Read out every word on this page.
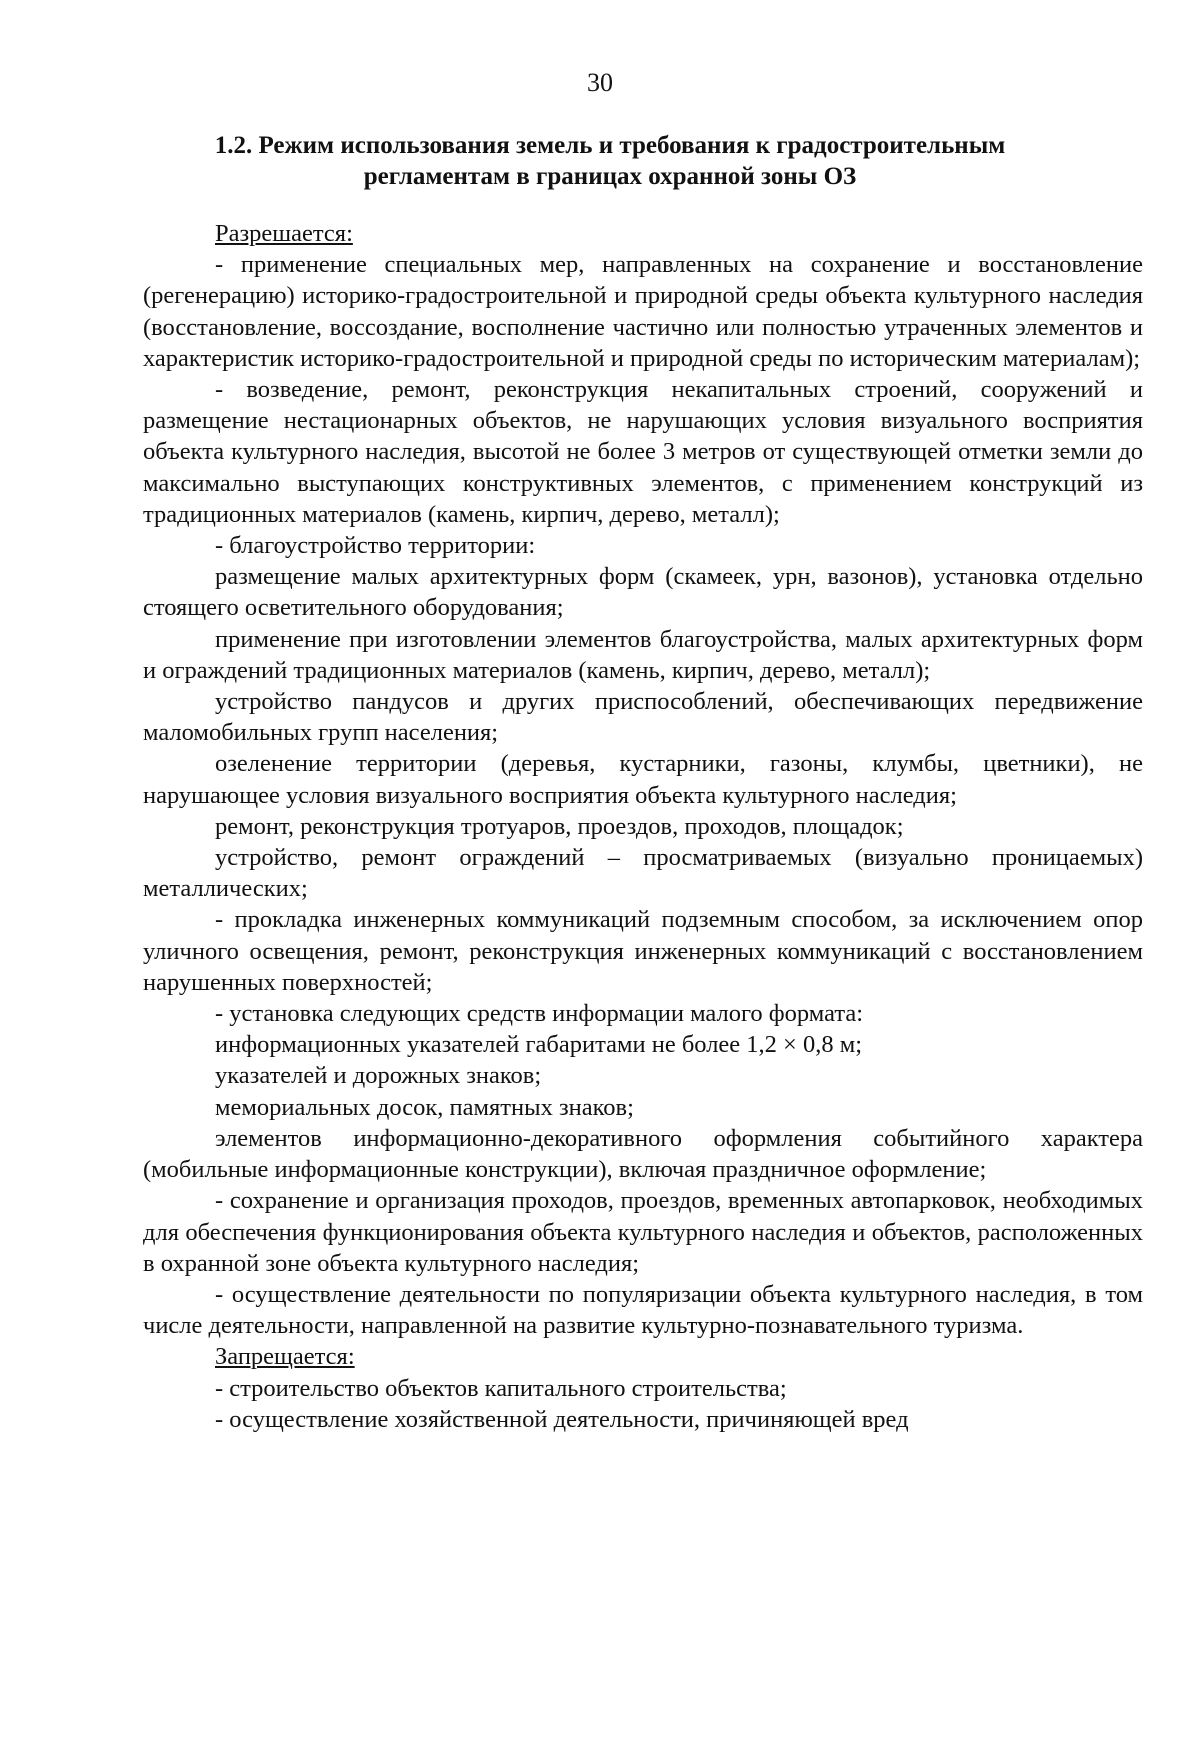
30
1.2. Режим использования земель и требования к градостроительным
регламентам в границах охранной зоны ОЗ

Разрешается:

- применение специальных мер, направленных на сохранение и восстановление (регенерацию) историко-градостроительной и природной среды объекта культурного наследия (восстановление, воссоздание, восполнение частично или полностью утраченных элементов и характеристик историко-градостроительной и природной среды по историческим материалам);

- возведение, ремонт, реконструкция некапитальных строений, сооружений и размещение нестационарных объектов, не нарушающих условия визуального восприятия объекта культурного наследия, высотой не более 3 метров от существующей отметки земли до максимально выступающих конструктивных элементов, с применением конструкций из традиционных материалов (камень, кирпич, дерево, металл);

- благоустройство территории:

размещение малых архитектурных форм (скамеек, урн, вазонов), установка отдельно стоящего осветительного оборудования;

применение при изготовлении элементов благоустройства, малых архитектурных форм и ограждений традиционных материалов (камень, кирпич, дерево, металл);

устройство пандусов и других приспособлений, обеспечивающих передвижение маломобильных групп населения;

озеленение территории (деревья, кустарники, газоны, клумбы, цветники), не нарушающее условия визуального восприятия объекта культурного наследия;

ремонт, реконструкция тротуаров, проездов, проходов, площадок;

устройство, ремонт ограждений – просматриваемых (визуально проницаемых) металлических;

- прокладка инженерных коммуникаций подземным способом, за исключением опор уличного освещения, ремонт, реконструкция инженерных коммуникаций с восстановлением нарушенных поверхностей;

- установка следующих средств информации малого формата:

информационных указателей габаритами не более 1,2 × 0,8 м;

указателей и дорожных знаков;

мемориальных досок, памятных знаков;

элементов информационно-декоративного оформления событийного характера (мобильные информационные конструкции), включая праздничное оформление;

- сохранение и организация проходов, проездов, временных автопарковок, необходимых для обеспечения функционирования объекта культурного наследия и объектов, расположенных в охранной зоне объекта культурного наследия;

- осуществление деятельности по популяризации объекта культурного наследия, в том числе деятельности, направленной на развитие культурно-познавательного туризма.

Запрещается:

- строительство объектов капитального строительства;

- осуществление хозяйственной деятельности, причиняющей вред
